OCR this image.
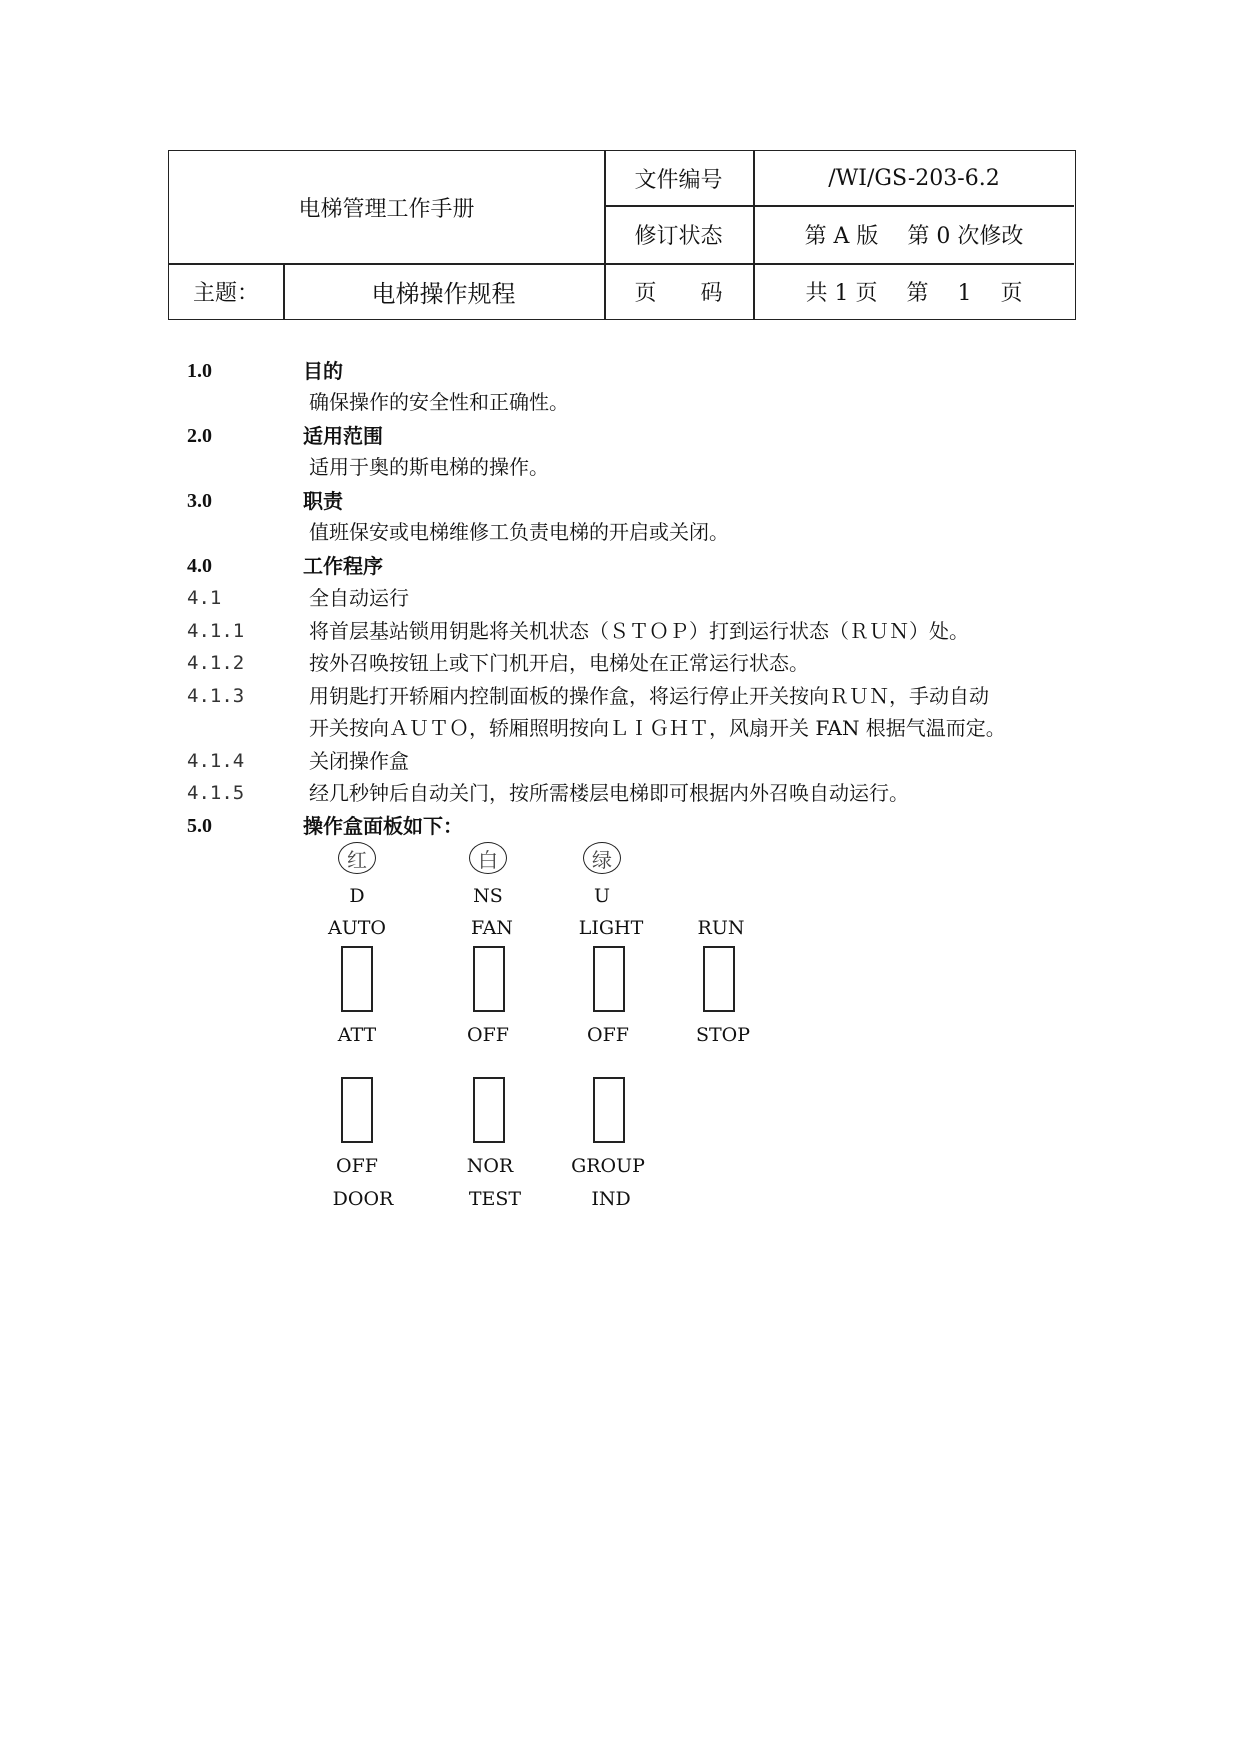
电梯管理工作手册
文件编号	/WI/GS-203-6.2
修订状态	第 A 版　 第 0 次修改
主题：	电梯操作规程	页　　码	共 1 页　 第　 1　 页
1.0	目的
确保操作的安全性和正确性。
2.0	适用范围
适用于奥的斯电梯的操作。
3.0	职责
值班保安或电梯维修工负责电梯的开启或关闭。
4.0	工作程序
4.1	全自动运行
4.1.1	将首层基站锁用钥匙将关机状态（ＳＴＯＰ）打到运行状态（ＲＵＮ）处。
4.1.2	按外召唤按钮上或下门机开启，电梯处在正常运行状态。
4.1.3	用钥匙打开轿厢内控制面板的操作盒，将运行停止开关按向ＲＵＮ，手动自动
开关按向ＡＵＴＯ，轿厢照明按向ＬＩＧＨＴ，风扇开关 FAN 根据气温而定。
4.1.4	关闭操作盒
4.1.5	经几秒钟后自动关门，按所需楼层电梯即可根据内外召唤自动运行。
5.0	操作盒面板如下：
红	白	绿
D	NS	U
AUTO	FAN	LIGHT	RUN
ATT	OFF	OFF	STOP
OFF	NOR	GROUP
DOOR	TEST	IND
